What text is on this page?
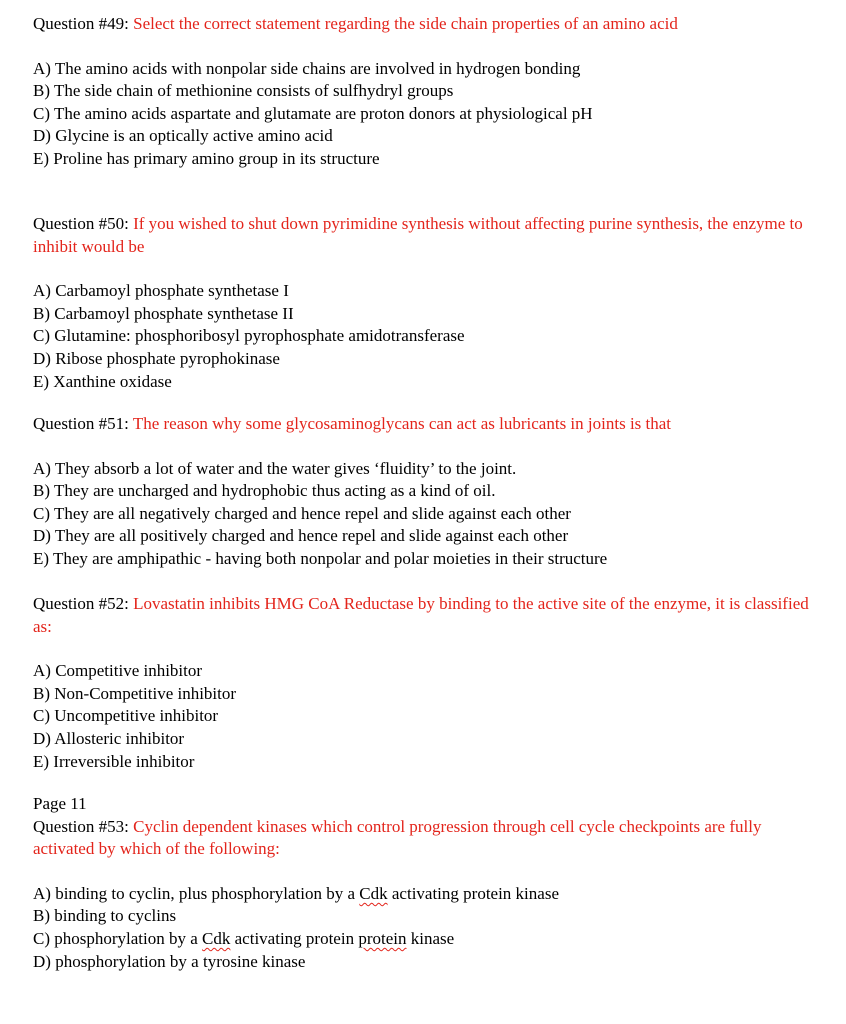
Question #49: Select the correct statement regarding the side chain properties of an amino acid

A) The amino acids with nonpolar side chains are involved in hydrogen bonding
B) The side chain of methionine consists of sulfhydryl groups
C) The amino acids aspartate and glutamate are proton donors at physiological pH
D) Glycine is an optically active amino acid
E) Proline has primary amino group in its structure

Question #50: If you wished to shut down pyrimidine synthesis without affecting purine synthesis, the enzyme to inhibit would be

A) Carbamoyl phosphate synthetase I
B) Carbamoyl phosphate synthetase II
C) Glutamine: phosphoribosyl pyrophosphate amidotransferase
D) Ribose phosphate pyrophokinase
E) Xanthine oxidase

Question #51: The reason why some glycosaminoglycans can act as lubricants in joints is that

A) They absorb a lot of water and the water gives ‘fluidity’ to the joint.
B) They are uncharged and hydrophobic thus acting as a kind of oil.
C) They are all negatively charged and hence repel and slide against each other
D) They are all positively charged and hence repel and slide against each other
E) They are amphipathic - having both nonpolar and polar moieties in their structure

Question #52: Lovastatin inhibits HMG CoA Reductase by binding to the active site of the enzyme, it is classified as:

A) Competitive inhibitor
B) Non-Competitive inhibitor
C) Uncompetitive inhibitor
D) Allosteric inhibitor
E) Irreversible inhibitor

Page 11

Question #53: Cyclin dependent kinases which control progression through cell cycle checkpoints are fully activated by which of the following:

A) binding to cyclin, plus phosphorylation by a Cdk activating protein kinase
B) binding to cyclins
C) phosphorylation by a Cdk activating protein protein kinase
D) phosphorylation by a tyrosine kinase
